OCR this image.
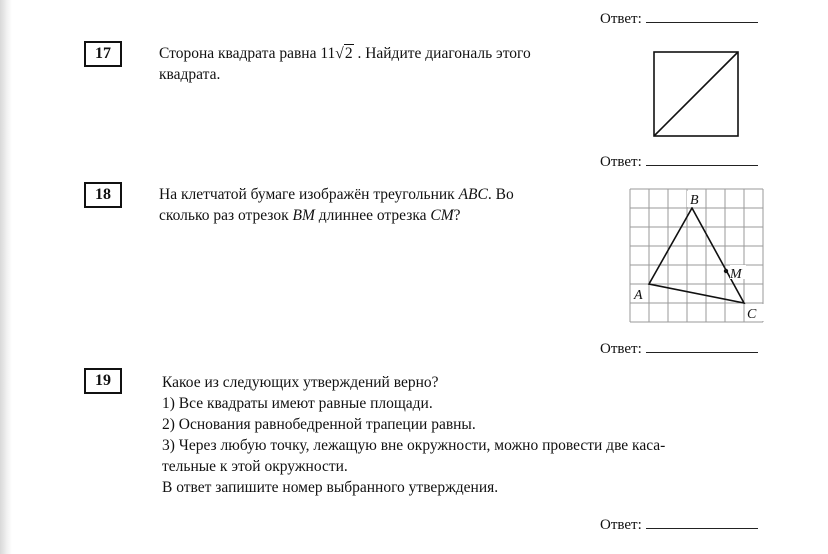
Ответ:
17	Сторона квадрата равна 11√2 . Найдите диагональ этого
квадрата.
Ответ:
18	На клетчатой бумаге изображён треугольник ABC. Во
сколько раз отрезок BM длиннее отрезка CM?
A
B
C
M
Ответ:
19	Какое из следующих утверждений верно?
1) Все квадраты имеют равные площади.
2) Основания равнобедренной трапеции равны.
3) Через любую точку, лежащую вне окружности, можно провести две каса-
тельные к этой окружности.
В ответ запишите номер выбранного утверждения.
Ответ:
